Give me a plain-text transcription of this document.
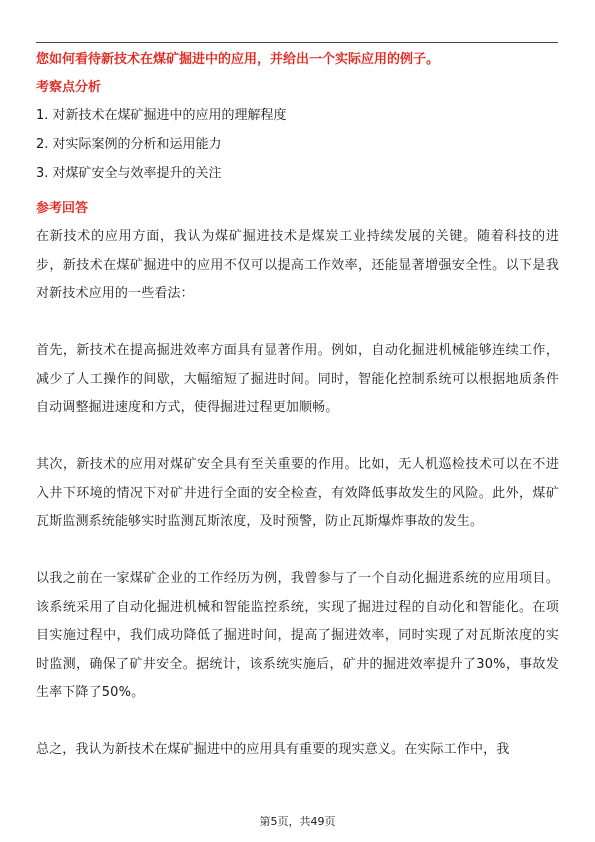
您如何看待新技术在煤矿掘进中的应用，并给出一个实际应用的例子。
考察点分析
1. 对新技术在煤矿掘进中的应用的理解程度
2. 对实际案例的分析和运用能力
3. 对煤矿安全与效率提升的关注
参考回答

在新技术的应用方面，我认为煤矿掘进技术是煤炭工业持续发展的关键。随着科技的进步，新技术在煤矿掘进中的应用不仅可以提高工作效率，还能显著增强安全性。以下是我对新技术应用的一些看法：

首先，新技术在提高掘进效率方面具有显著作用。例如，自动化掘进机械能够连续工作，减少了人工操作的间歇，大幅缩短了掘进时间。同时，智能化控制系统可以根据地质条件自动调整掘进速度和方式，使得掘进过程更加顺畅。

其次，新技术的应用对煤矿安全具有至关重要的作用。比如，无人机巡检技术可以在不进入井下环境的情况下对矿井进行全面的安全检查，有效降低事故发生的风险。此外，煤矿瓦斯监测系统能够实时监测瓦斯浓度，及时预警，防止瓦斯爆炸事故的发生。

以我之前在一家煤矿企业的工作经历为例，我曾参与了一个自动化掘进系统的应用项目。该系统采用了自动化掘进机械和智能监控系统，实现了掘进过程的自动化和智能化。在项目实施过程中，我们成功降低了掘进时间，提高了掘进效率，同时实现了对瓦斯浓度的实时监测，确保了矿井安全。据统计，该系统实施后，矿井的掘进效率提升了30%，事故发生率下降了50%。

总之，我认为新技术在煤矿掘进中的应用具有重要的现实意义。在实际工作中，我

第5页，共49页
